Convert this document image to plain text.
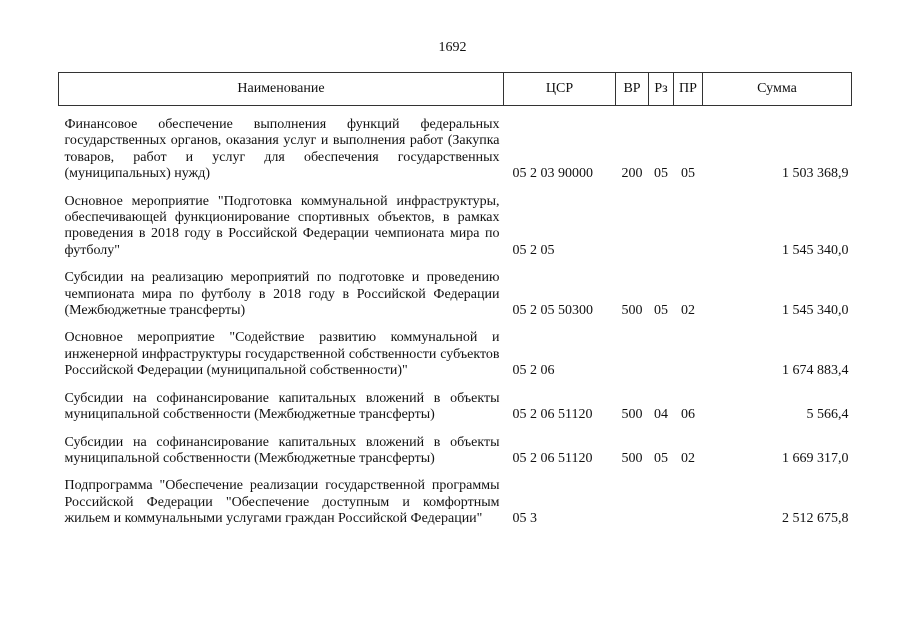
1692
Наименование	ЦСР	ВР	Рз	ПР	Сумма

Финансовое обеспечение выполнения функций федеральных государственных органов, оказания услуг и выполнения работ (Закупка товаров, работ и услуг для обеспечения государственных (муниципальных) нужд)	05 2 03 90000	200	05	05	1 503 368,9

Основное мероприятие "Подготовка коммунальной инфраструктуры, обеспечивающей функционирование спортивных объектов, в рамках проведения в 2018 году в Российской Федерации чемпионата мира по футболу"	05 2 05				1 545 340,0

Субсидии на реализацию мероприятий по подготовке и проведению чемпионата мира по футболу в 2018 году в Российской Федерации (Межбюджетные трансферты)	05 2 05 50300	500	05	02	1 545 340,0

Основное мероприятие "Содействие развитию коммунальной и инженерной инфраструктуры государственной собственности субъектов Российской Федерации (муниципальной собственности)"	05 2 06				1 674 883,4

Субсидии на софинансирование капитальных вложений в объекты муниципальной собственности (Межбюджетные трансферты)	05 2 06 51120	500	04	06	5 566,4

Субсидии на софинансирование капитальных вложений в объекты муниципальной собственности (Межбюджетные трансферты)	05 2 06 51120	500	05	02	1 669 317,0

Подпрограмма "Обеспечение реализации государственной программы Российской Федерации "Обеспечение доступным и комфортным жильем и коммунальными услугами граждан Российской Федерации"	05 3				2 512 675,8
